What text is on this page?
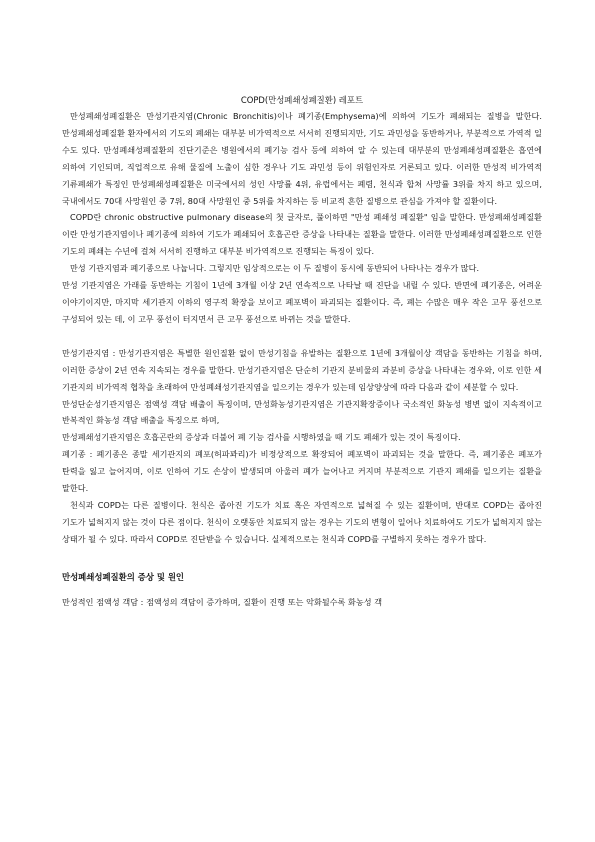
COPD(만성폐쇄성폐질환) 레포트

만성폐쇄성폐질환은 만성기관지염(Chronic Bronchitis)이나 폐기종(Emphysema)에 의하여 기도가 폐쇄되는 질병을 말한다. 만성폐쇄성폐질환 환자에서의 기도의 폐쇄는 대부분 비가역적으로 서서히 진행되지만, 기도 과민성을 동반하거나, 부분적으로 가역적 일 수도 있다. 만성폐쇄성폐질환의 진단기준은 병원에서의 폐기능 검사 등에 의하여 알 수 있는데 대부분의 만성폐쇄성폐질환은 흡연에 의하여 기인되며, 직업적으로 유해 물질에 노출이 심한 경우나 기도 과민성 등이 위험인자로 거론되고 있다. 이러한 만성적 비가역적 기류폐쇄가 특징인 만성폐쇄성폐질환은 미국에서의 성인 사망률 4위, 유럽에서는 폐렴, 천식과 합쳐 사망률 3위를 차지 하고 있으며, 국내에서도 70대 사망원인 중 7위, 80대 사망원인 중 5위를 차지하는 등 비교적 흔한 질병으로 관심을 가져야 할 질환이다.

COPD란 chronic obstructive pulmonary disease의 첫 글자로, 풀이하면 "만성 폐쇄성 폐질환" 임을 말한다. 만성폐쇄성폐질환 이란 만성기관지염이나 폐기종에 의하여 기도가 폐쇄되어 호흡곤란 증상을 나타내는 질환을 말한다. 이러한 만성폐쇄성폐질환으로 인한 기도의 폐쇄는 수년에 걸쳐 서서히 진행하고 대부분 비가역적으로 진행되는 특징이 있다.

만성 기관지염과 폐기종으로 나눕니다. 그렇지만 임상적으로는 이 두 질병이 동시에 동반되어 나타나는 경우가 많다.

만성 기관지염은 가래를 동반하는 기침이 1년에 3개월 이상 2년 연속적으로 나타날 때 진단을 내릴 수 있다. 반면에 폐기종은, 어려운 이야기이지만, 마지막 세기관지 이하의 영구적 확장을 보이고 폐포벽이 파괴되는 질환이다. 즉, 폐는 수많은 매우 작은 고무 풍선으로 구성되어 있는 데, 이 고무 풍선이 터지면서 큰 고무 풍선으로 바뀌는 것을 말한다.

만성기관지염 : 만성기관지염은 특별한 원인질환 없이 만성기침을 유발하는 질환으로 1년에 3개월이상 객담을 동반하는 기침을 하며,이러한 증상이 2년 연속 지속되는 경우를 말한다. 만성기관지염은 단순히 기관지 분비물의 과분비 증상을 나타내는 경우와, 이로 인한 세 기관지의 비가역적 협착을 초래하여 만성폐쇄성기관지염을 일으키는 경우가 있는데 임상양상에 따라 다음과 같이 세분할 수 있다.

만성단순성기관지염은 점액성 객담 배출이 특징이며, 만성화농성기관지염은 기관지확장증이나 국소적인 화농성 병변 없이 지속적이고 반복적인 화농성 객담 배출을 특징으로 하며,

만성폐쇄성기관지염은 호흡곤란의 증상과 더불어 폐 기능 검사를 시행하였을 때 기도 폐쇄가 있는 것이 특징이다.

폐기종 : 폐기종은 종말 세기관지의 폐포(허파꽈리)가 비정상적으로 확장되어 폐포벽이 파괴되는 것을 말한다. 즉, 폐기종은 폐포가 탄력을 잃고 늘어지며, 이로 인하여 기도 손상이 발생되며 아울러 폐가 늘어나고 커지며 부분적으로 기관지 폐쇄를 일으키는 질환을 말한다.

천식과 COPD는 다른 질병이다. 천식은 좁아진 기도가 치료 혹은 자연적으로 넓혀질 수 있는 질환이며, 반대로 COPD는 좁아진 기도가 넓혀지지 않는 것이 다른 점이다. 천식이 오랫동안 치료되지 않는 경우는 기도의 변형이 일어나 치료하여도 기도가 넓혀지지 않는 상태가 될 수 있다. 따라서 COPD로 진단받을 수 있습니다. 실제적으로는 천식과 COPD를 구별하지 못하는 경우가 많다.

만성폐쇄성폐질환의 증상 및 원인

만성적인 점액성 객담 : 점액성의 객담이 증가하며, 질환이 진행 또는 악화될수록 화농성 객
